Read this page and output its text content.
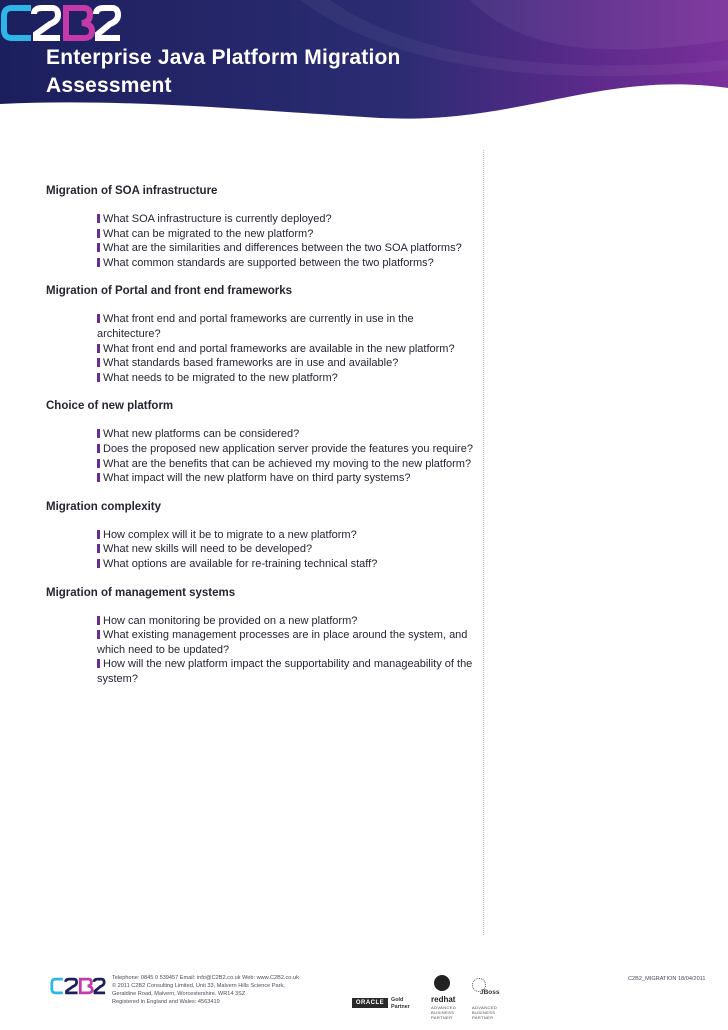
Enterprise Java Platform Migration Assessment
Migration of SOA infrastructure
What SOA infrastructure is currently deployed?
What can be migrated to the new platform?
What are the similarities and differences between the two SOA platforms?
What common standards are supported between the two platforms?
Migration of Portal and front end frameworks
What front end and portal frameworks are currently in use in the architecture?
What front end and portal frameworks are available in the new platform?
What standards based frameworks are in use and available?
What needs to be migrated to the new platform?
Choice of new platform
What new platforms can be considered?
Does the proposed new application server provide the features you require?
What are the benefits that can be achieved my moving to the new platform?
What impact will the new platform have on third party systems?
Migration complexity
How complex will it be to migrate to a new platform?
What new skills will need to be developed?
What options are available for re-training technical staff?
Migration of management systems
How can monitoring be provided on a new platform?
What existing management processes are in place around the system, and which need to be updated?
How will the new platform impact the supportability and manageability of the system?
Telephone: 0845 0 539457 Email: info@C2B2.co.uk Web: www.C2B2.co.uk
© 2011 C2B2 Consulting Limited, Unit 33, Malvern Hills Science Park,
Geraldine Road, Malvern, Worcestershire. WR14 3SZ
Registered in England and Wales: 4563419
C2B2_MIGRATION 18/04/2011
ORACLE	Gold
Partner
redhat
ADVANCED
BUSINESS
PARTNER
JBoss
ADVANCED
BUSINESS
PARTNER
